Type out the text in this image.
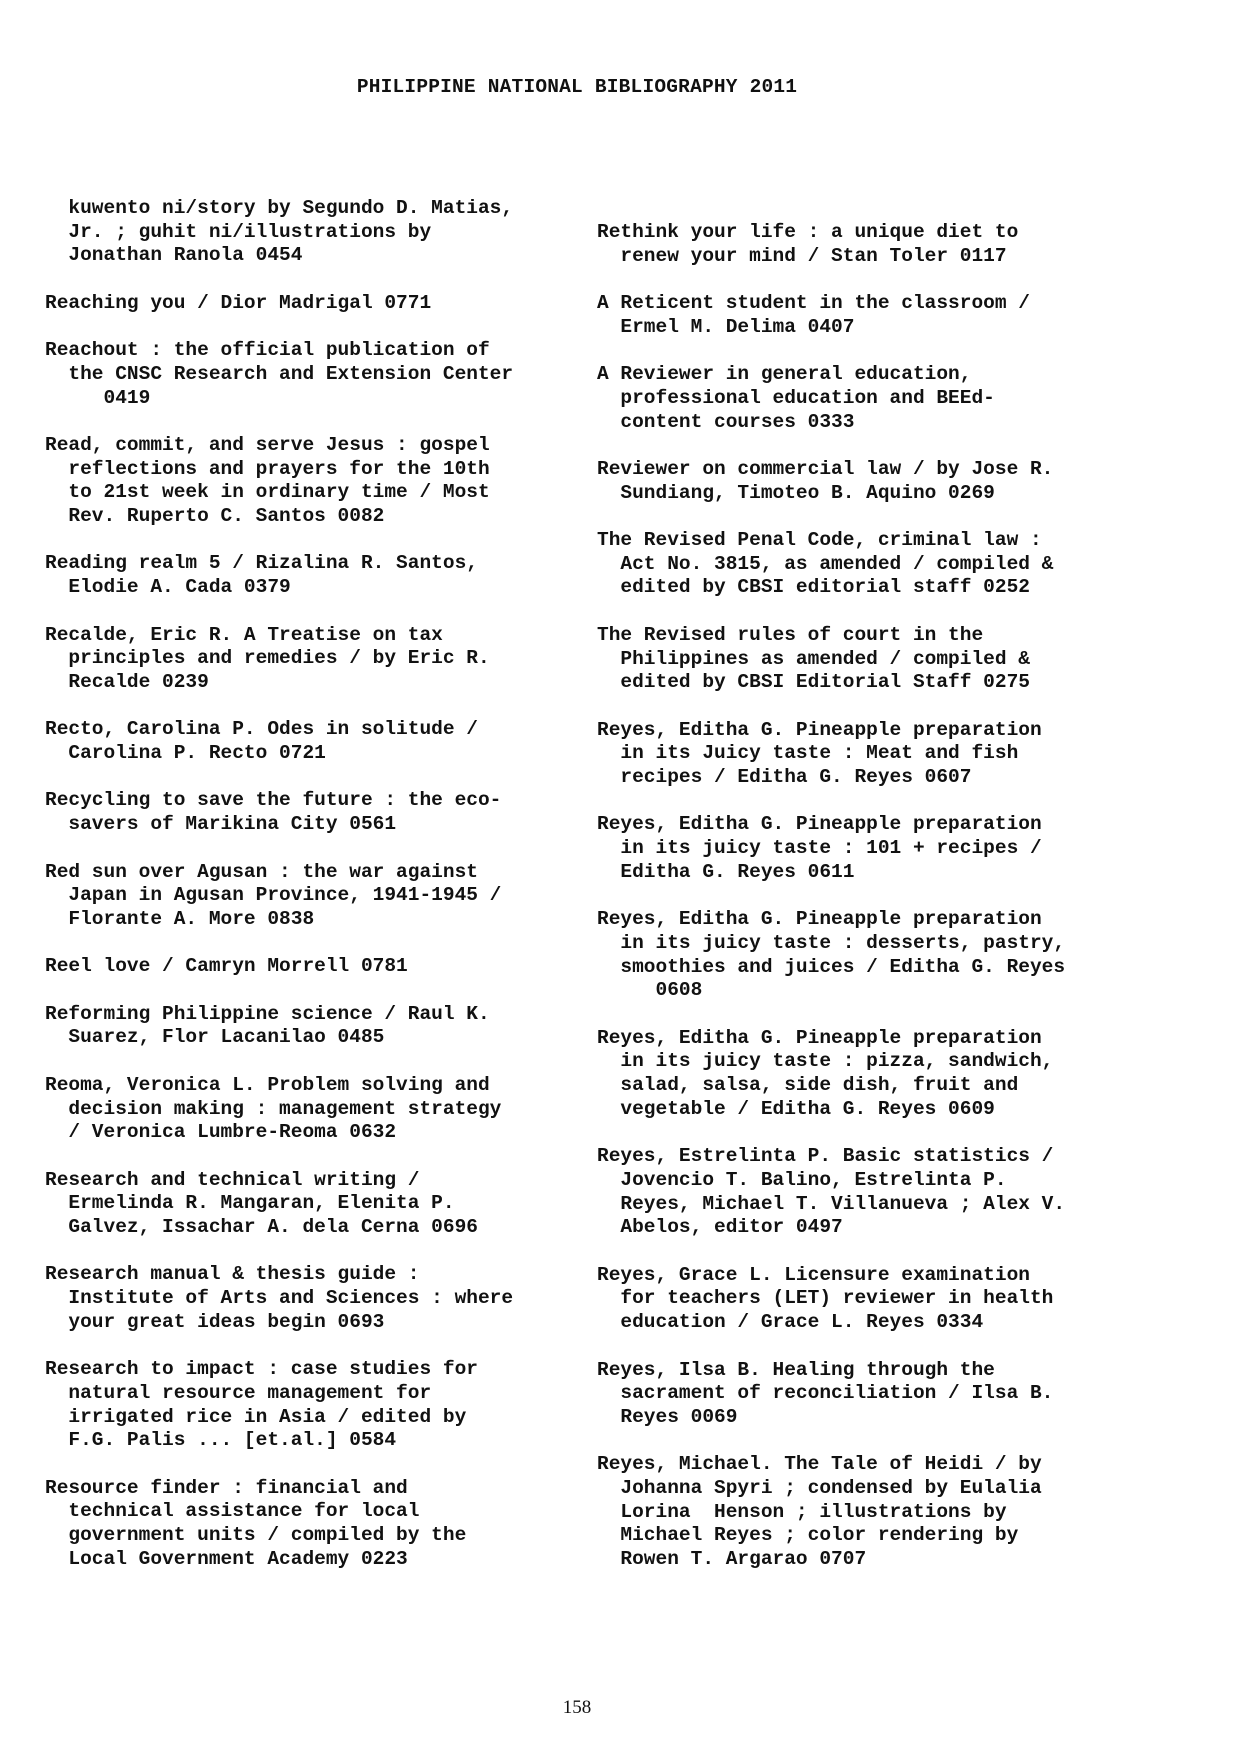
PHILIPPINE NATIONAL BIBLIOGRAPHY 2011
kuwento ni/story by Segundo D. Matias,
Jr. ; guhit ni/illustrations by
Jonathan Ranola 0454
Reaching you / Dior Madrigal 0771
Reachout : the official publication of
the CNSC Research and Extension Center
0419
Read, commit, and serve Jesus : gospel
reflections and prayers for the 10th
to 21st week in ordinary time / Most
Rev. Ruperto C. Santos 0082
Reading realm 5 / Rizalina R. Santos,
Elodie A. Cada 0379
Recalde, Eric R. A Treatise on tax
principles and remedies / by Eric R.
Recalde 0239
Recto, Carolina P. Odes in solitude /
Carolina P. Recto 0721
Recycling to save the future : the eco-
savers of Marikina City 0561
Red sun over Agusan : the war against
Japan in Agusan Province, 1941-1945 /
Florante A. More 0838
Reel love / Camryn Morrell 0781
Reforming Philippine science / Raul K.
Suarez, Flor Lacanilao 0485
Reoma, Veronica L. Problem solving and
decision making : management strategy
/ Veronica Lumbre-Reoma 0632
Research and technical writing /
Ermelinda R. Mangaran, Elenita P.
Galvez, Issachar A. dela Cerna 0696
Research manual & thesis guide :
Institute of Arts and Sciences : where
your great ideas begin 0693
Research to impact : case studies for
natural resource management for
irrigated rice in Asia / edited by
F.G. Palis ... [et.al.] 0584
Resource finder : financial and
technical assistance for local
government units / compiled by the
Local Government Academy 0223
Rethink your life : a unique diet to
renew your mind / Stan Toler 0117
A Reticent student in the classroom /
Ermel M. Delima 0407
A Reviewer in general education,
professional education and BEEd-
content courses 0333
Reviewer on commercial law / by Jose R.
Sundiang, Timoteo B. Aquino 0269
The Revised Penal Code, criminal law :
Act No. 3815, as amended / compiled &
edited by CBSI editorial staff 0252
The Revised rules of court in the
Philippines as amended / compiled &
edited by CBSI Editorial Staff 0275
Reyes, Editha G. Pineapple preparation
in its Juicy taste : Meat and fish
recipes / Editha G. Reyes 0607
Reyes, Editha G. Pineapple preparation
in its juicy taste : 101 + recipes /
Editha G. Reyes 0611
Reyes, Editha G. Pineapple preparation
in its juicy taste : desserts, pastry,
smoothies and juices / Editha G. Reyes
0608
Reyes, Editha G. Pineapple preparation
in its juicy taste : pizza, sandwich,
salad, salsa, side dish, fruit and
vegetable / Editha G. Reyes 0609
Reyes, Estrelinta P. Basic statistics /
Jovencio T. Balino, Estrelinta P.
Reyes, Michael T. Villanueva ; Alex V.
Abelos, editor 0497
Reyes, Grace L. Licensure examination
for teachers (LET) reviewer in health
education / Grace L. Reyes 0334
Reyes, Ilsa B. Healing through the
sacrament of reconciliation / Ilsa B.
Reyes 0069
Reyes, Michael. The Tale of Heidi / by
Johanna Spyri ; condensed by Eulalia
Lorina  Henson ; illustrations by
Michael Reyes ; color rendering by
Rowen T. Argarao 0707
158
